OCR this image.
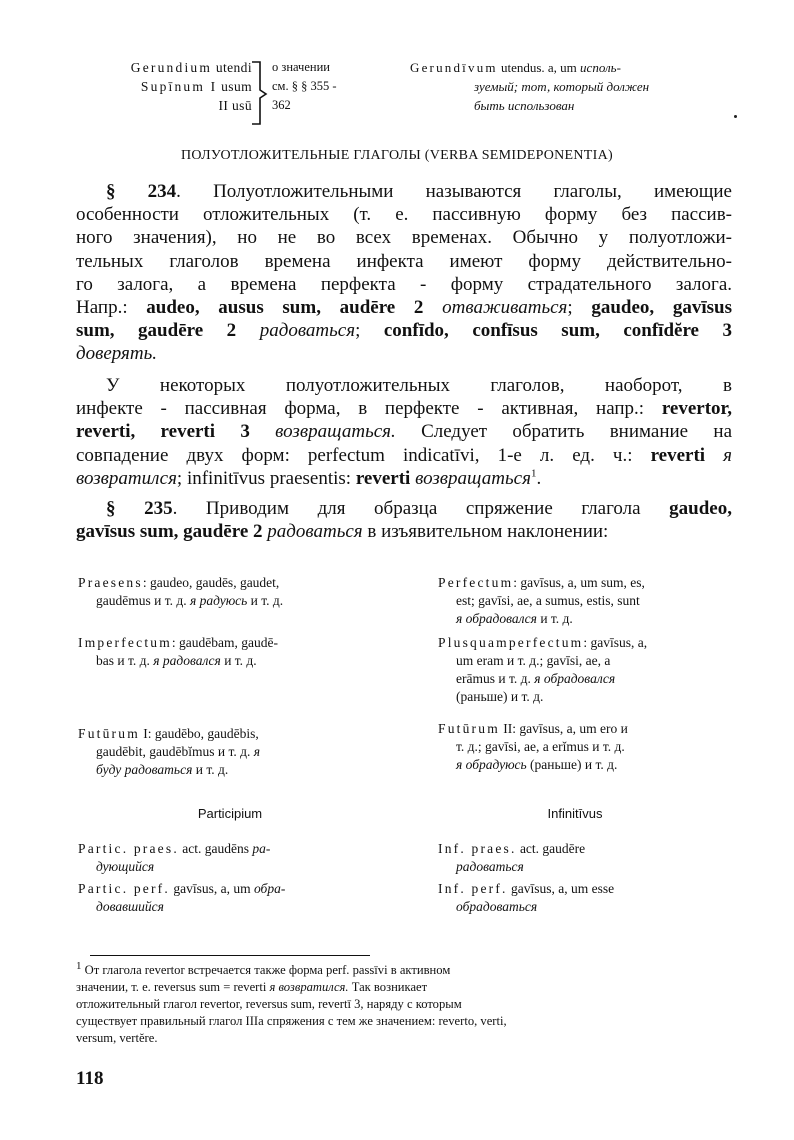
Gerundium utendi
Supīnum I usum
II usū
о значении
см. § § 355 -
362
Gerundīvum utendus. a, um исполь-
зуемый; тот, который должен
быть использован
ПОЛУОТЛОЖИТЕЛЬНЫЕ ГЛАГОЛЫ (VERBA SEMIDEPONENTIA)
§ 234. Полуотложительными называются глаголы, имеющие
особенности отложительных (т. е. пассивную форму без пассив-
ного значения), но не во всех временах. Обычно у полуотложи-
тельных глаголов времена инфекта имеют форму действительно-
го залога, а времена перфекта - форму страдательного залога.
Напр.: audeo, ausus sum, audēre 2 отваживаться; gaudeo, gavīsus
sum, gaudēre 2 радоваться; confīdo, confīsus sum, confīdĕre 3
доверять.
У некоторых полуотложительных глаголов, наоборот, в
инфекте - пассивная форма, в перфекте - активная, напр.: revertor,
reverti, reverti 3 возвращаться. Следует обратить внимание на
совпадение двух форм: perfectum indicatīvi, 1-е л. ед. ч.: reverti я
возвратился; infinitīvus praesentis: reverti возвращаться$^1$.
§ 235. Приводим для образца спряжение глагола gaudeo,
gavīsus sum, gaudēre 2 радоваться в изъявительном наклонении:
Praesens: gaudeo, gaudēs, gaudet,
gaudēmus и т. д. я радуюсь и т. д.
Imperfectum: gaudēbam, gaudē-
bas и т. д. я радовался и т. д.
Futūrum I: gaudēbo, gaudēbis,
gaudēbit, gaudēbĭmus и т. д. я
буду радоваться и т. д.
Perfectum: gavīsus, a, um sum, es,
est; gavīsi, ae, a sumus, estis, sunt
я обрадовался и т. д.
Plusquamperfectum: gavīsus, a,
um eram и т. д.; gavīsi, ae, a
erāmus и т. д. я обрадовался
(раньше) и т. д.
Futūrum II: gavīsus, a, um ero и
т. д.; gavīsi, ae, a erĭmus и т. д.
я обрадуюсь (раньше) и т. д.
Participium	Infinitīvus
Partic. praes. act. gaudēns ра-
дующийся
Partic. perf. gavīsus, a, um обра-
довавшийся
Inf. praes. act. gaudēre
радоваться
Inf. perf. gavīsus, a, um esse
обрадоваться
$^1$ От глагола revertor встречается также форма perf. passīvi в активном
значении, т. е. reversus sum = reverti я возвратился. Так возникает
отложительный глагол revertor, reversus sum, revertī 3, наряду с которым
существует правильный глагол IIIa спряжения с тем же значением: reverto, verti,
versum, vertĕre.
118
